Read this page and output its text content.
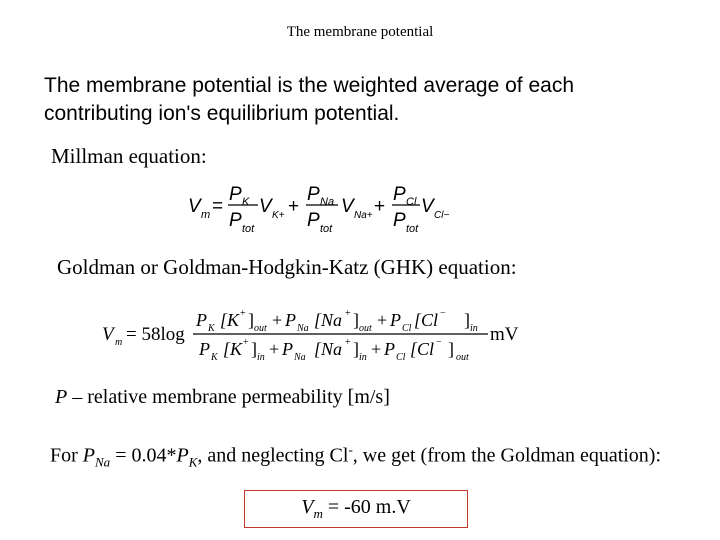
The membrane potential
The membrane potential is the weighted average of each contributing ion's equilibrium potential.
Millman equation:
V m =
P K
P tot
V K+ +
P Na
P tot
V Na+ +
P Cl
P tot
V Cl−
Goldman or Goldman-Hodgkin-Katz (GHK) equation:
V m = 58log
P K [K + ] out + P Na [Na + ] out + P Cl [Cl − ] in
P K [K + ] in + P Na [Na + ] in + P Cl [Cl − ] out
mV
P – relative membrane permeability [m/s]
For $P_{Na} = 0.04*P_K$, and neglecting Cl-, we get (from the Goldman equation):
$V_m = -60$ m.V
